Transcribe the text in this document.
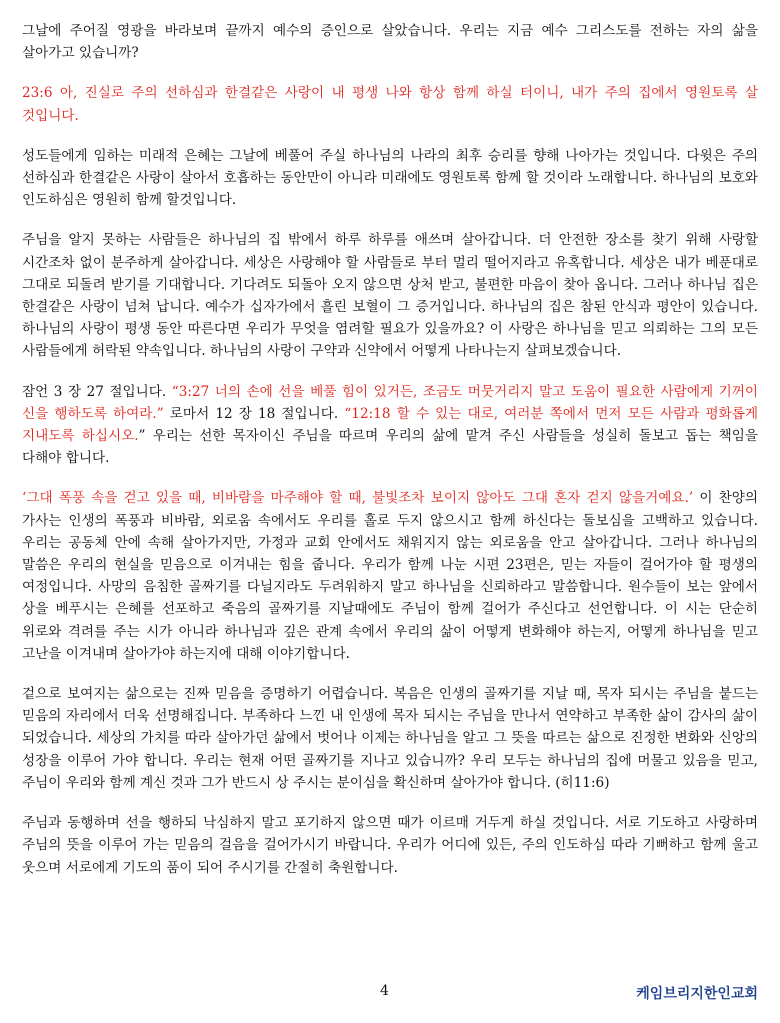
그날에 주어질 영광을 바라보며 끝까지 예수의 증인으로 살았습니다. 우리는 지금 예수 그리스도를 전하는 자의 삶을 살아가고 있습니까?

23:6 아, 진실로 주의 선하심과 한결같은 사랑이 내 평생 나와 항상 함께 하실 터이니, 내가 주의 집에서 영원토록 살 것입니다.

성도들에게 임하는 미래적 은혜는 그날에 베풀어 주실 하나님의 나라의 최후 승리를 향해 나아가는 것입니다. 다윗은 주의 선하심과 한결같은 사랑이 살아서 호흡하는 동안만이 아니라 미래에도 영원토록 함께 할 것이라 노래합니다. 하나님의 보호와 인도하심은 영원히 함께 할것입니다.

주님을 알지 못하는 사람들은 하나님의 집 밖에서 하루 하루를 애쓰며 살아갑니다. 더 안전한 장소를 찾기 위해 사랑할 시간조차 없이 분주하게 살아갑니다. 세상은 사랑해야 할 사람들로 부터 멀리 떨어지라고 유혹합니다. 세상은 내가 베푼대로 그대로 되돌려 받기를 기대합니다. 기다려도 되돌아 오지 않으면 상처 받고, 불편한 마음이 찾아 옵니다. 그러나 하나님 집은 한결같은 사랑이 넘쳐 납니다. 예수가 십자가에서 흘린 보혈이 그 증거입니다. 하나님의 집은 참된 안식과 평안이 있습니다. 하나님의 사랑이 평생 동안 따른다면 우리가 무엇을 염려할 필요가 있을까요? 이 사랑은 하나님을 믿고 의뢰하는 그의 모든 사람들에게 허락된 약속입니다. 하나님의 사랑이 구약과 신약에서 어떻게 나타나는지 살펴보겠습니다.

잠언 3 장 27 절입니다. “3:27 너의 손에 선을 베풀 힘이 있거든, 조금도 머뭇거리지 말고 도움이 필요한 사람에게 기꺼이 신을 행하도록 하여라.” 로마서 12 장 18 절입니다. “12:18 할 수 있는 대로, 여러분 쪽에서 먼저 모든 사람과 평화롭게 지내도록 하십시오.” 우리는 선한 목자이신 주님을 따르며 우리의 삶에 맡겨 주신 사람들을 성실히 돌보고 돕는 책임을 다해야 합니다.

‘그대 폭풍 속을 걷고 있을 때, 비바람을 마주해야 할 때, 불빛조차 보이지 않아도 그대 혼자 걷지 않을거예요.’ 이 찬양의 가사는 인생의 폭풍과 비바람, 외로움 속에서도 우리를 홀로 두지 않으시고 함께 하신다는 돌보심을 고백하고 있습니다. 우리는 공동체 안에 속해 살아가지만, 가정과 교회 안에서도 채워지지 않는 외로움을 안고 살아갑니다. 그러나 하나님의 말씀은 우리의 현실을 믿음으로 이겨내는 힘을 줍니다. 우리가 함께 나눈 시편 23편은, 믿는 자들이 걸어가야 할 평생의 여정입니다. 사망의 음침한 골짜기를 다닐지라도 두려워하지 말고 하나님을 신뢰하라고 말씀합니다. 원수들이 보는 앞에서 상을 베푸시는 은혜를 선포하고 죽음의 골짜기를 지날때에도 주님이 함께 걸어가 주신다고 선언합니다. 이 시는 단순히 위로와 격려를 주는 시가 아니라 하나님과 깊은 관계 속에서 우리의 삶이 어떻게 변화해야 하는지, 어떻게 하나님을 믿고 고난을 이겨내며 살아가야 하는지에 대해 이야기합니다.

겉으로 보여지는 삶으로는 진짜 믿음을 증명하기 어렵습니다. 복음은 인생의 골짜기를 지날 때, 목자 되시는 주님을 붙드는 믿음의 자리에서 더욱 선명해집니다. 부족하다 느낀 내 인생에 목자 되시는 주님을 만나서 연약하고 부족한 삶이 감사의 삶이 되었습니다. 세상의 가치를 따라 살아가던 삶에서 벗어나 이제는 하나님을 알고 그 뜻을 따르는 삶으로 진정한 변화와 신앙의 성장을 이루어 가야 합니다. 우리는 현재 어떤 골짜기를 지나고 있습니까? 우리 모두는 하나님의 집에 머물고 있음을 믿고, 주님이 우리와 함께 계신 것과 그가 반드시 상 주시는 분이심을 확신하며 살아가야 합니다. (히11:6)

주님과 동행하며 선을 행하되 낙심하지 말고 포기하지 않으면 때가 이르매 거두게 하실 것입니다. 서로 기도하고 사랑하며 주님의 뜻을 이루어 가는 믿음의 걸음을 걸어가시기 바랍니다. 우리가 어디에 있든, 주의 인도하심 따라 기뻐하고 함께 울고 웃으며 서로에게 기도의 품이 되어 주시기를 간절히 축원합니다.

4	케임브리지한인교회
